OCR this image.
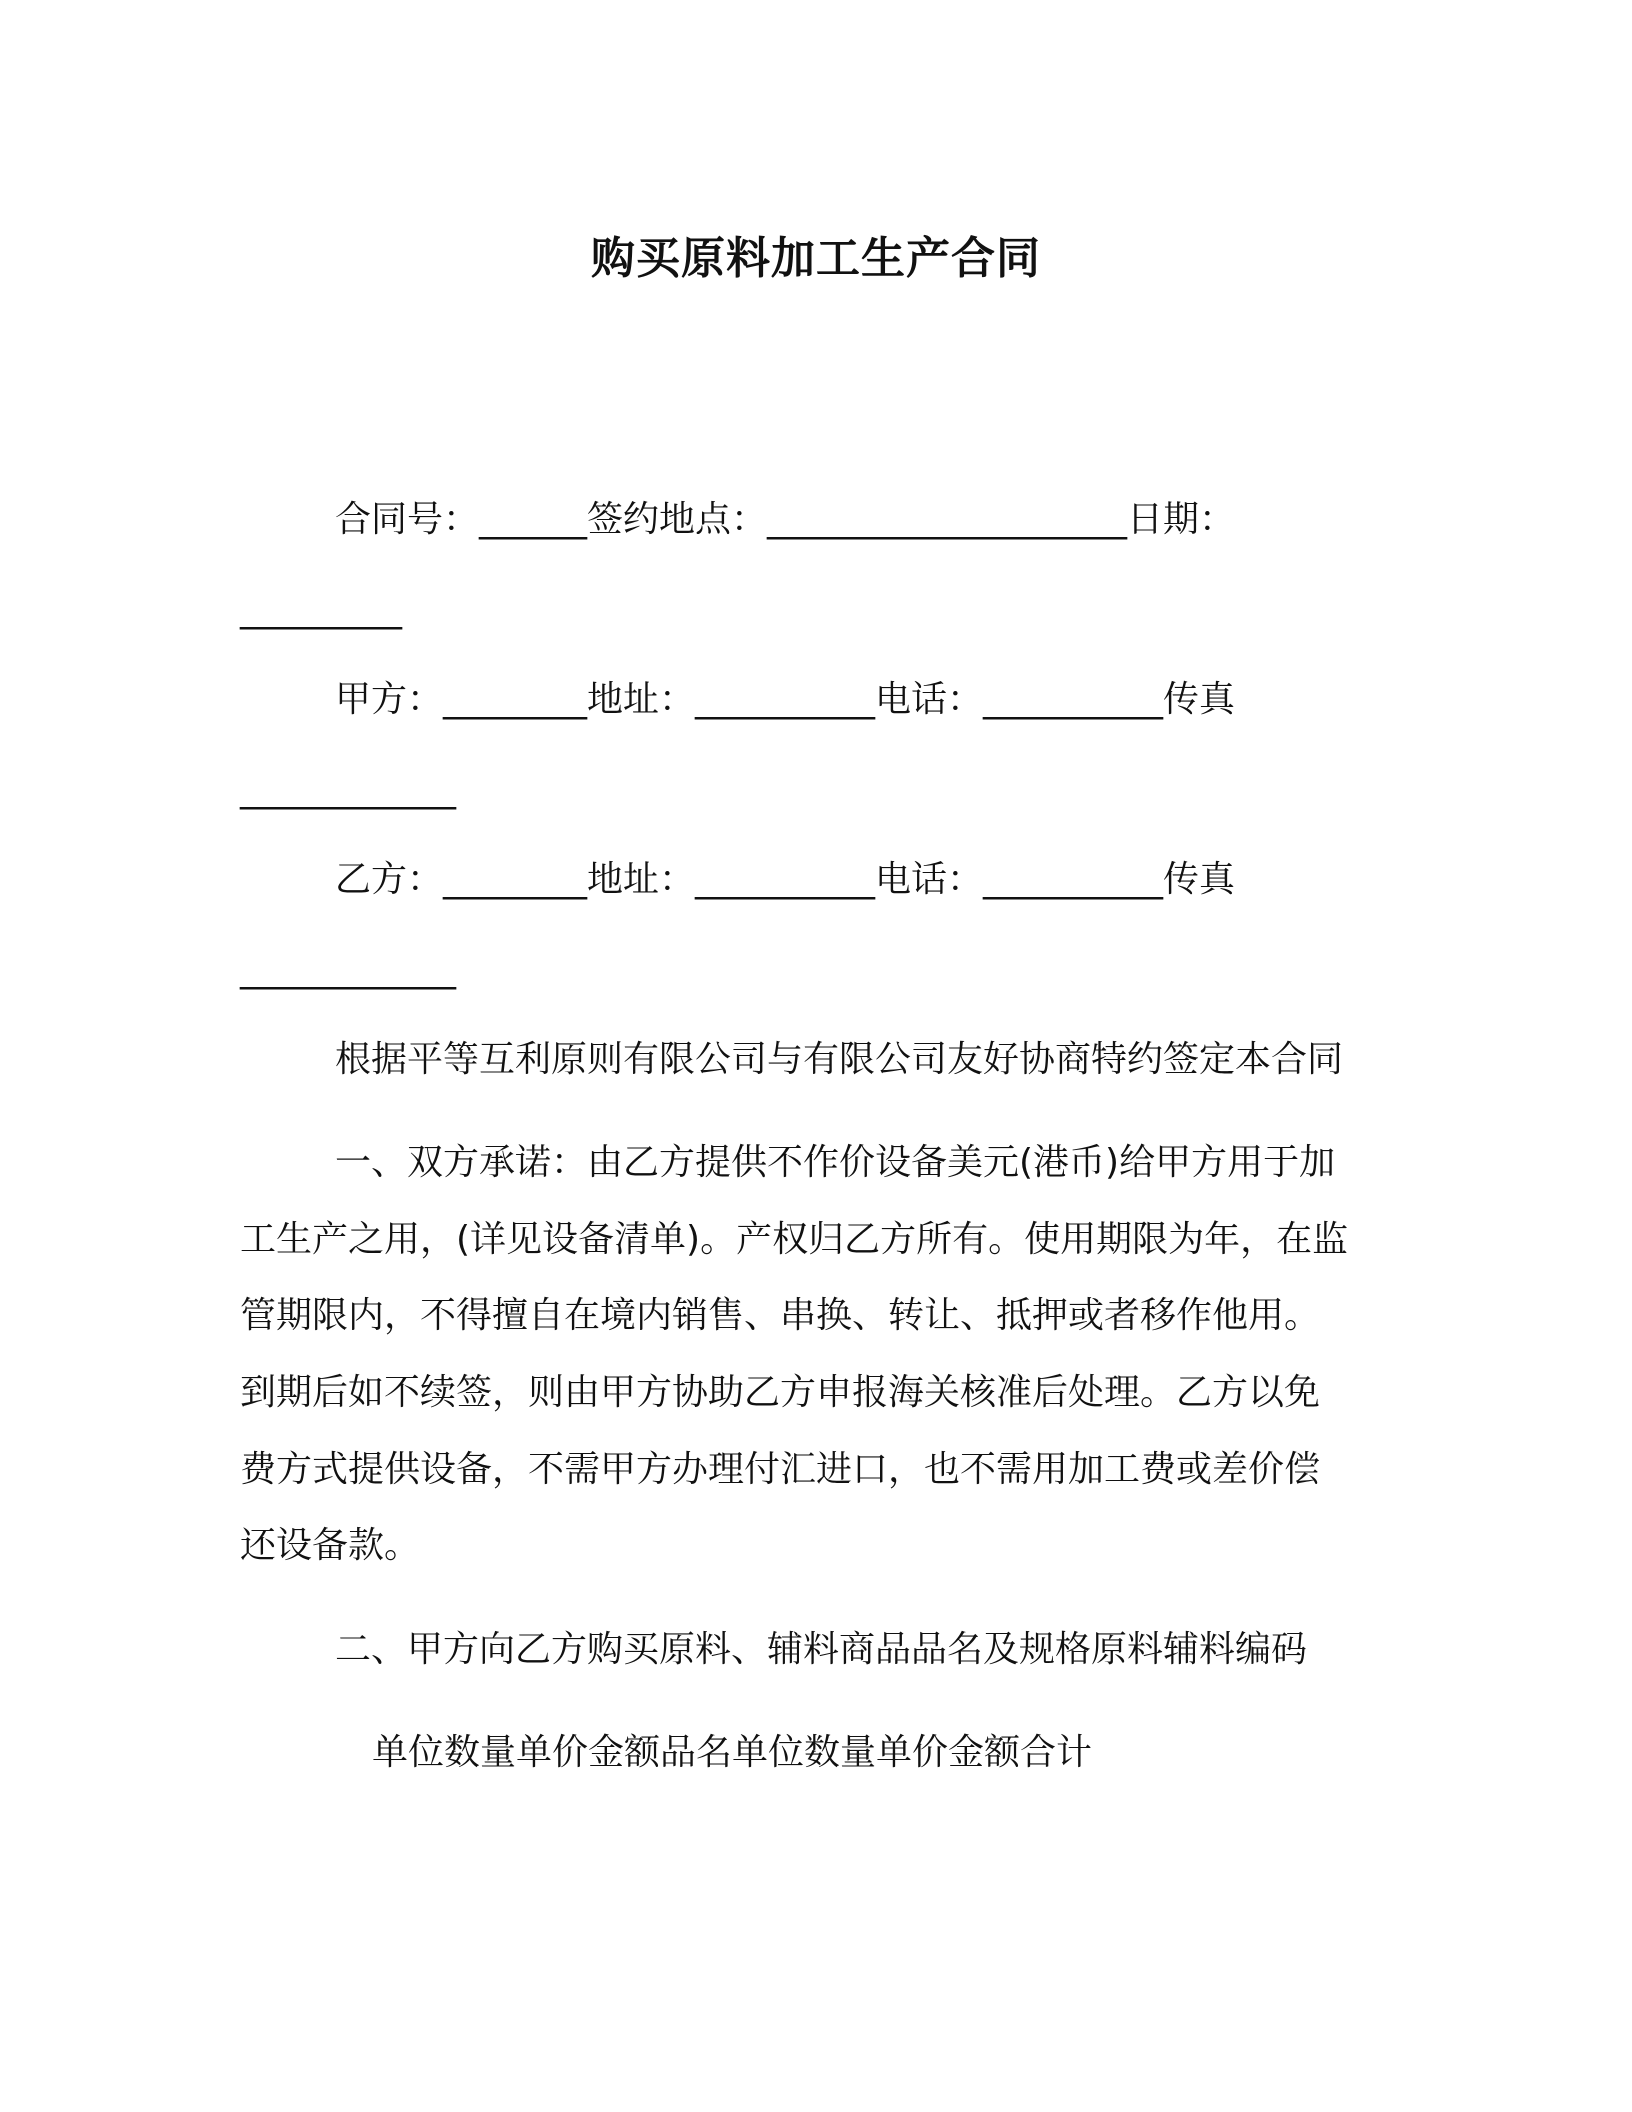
购买原料加工生产合同
合同号：______签约地点：____________________日期：
_________
甲方：________地址：__________电话：__________传真
____________
乙方：________地址：__________电话：__________传真
____________
根据平等互利原则有限公司与有限公司友好协商特约签定本合同
一、双方承诺：由乙方提供不作价设备美元(港币)给甲方用于加
工生产之用，(详见设备清单)。产权归乙方所有。使用期限为年，在监
管期限内，不得擅自在境内销售、串换、转让、抵押或者移作他用。
到期后如不续签，则由甲方协助乙方申报海关核准后处理。乙方以免
费方式提供设备，不需甲方办理付汇进口，也不需用加工费或差价偿
还设备款。
二、甲方向乙方购买原料、辅料商品品名及规格原料辅料编码
单位数量单价金额品名单位数量单价金额合计
